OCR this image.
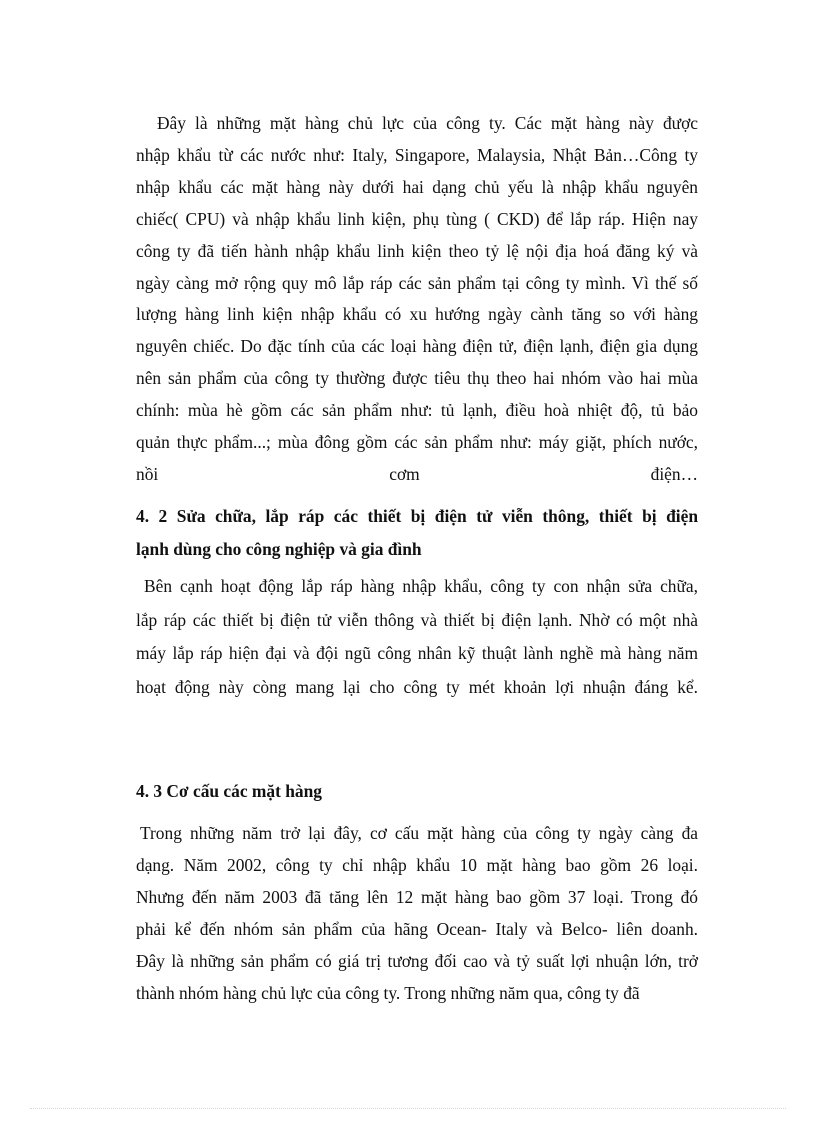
Đây là những mặt hàng chủ lực của công ty. Các mặt hàng này được
nhập khẩu từ các nước như: Italy, Singapore, Malaysia, Nhật Bản…Công ty
nhập khẩu các mặt hàng này dưới hai dạng chủ yếu là nhập khẩu nguyên
chiếc( CPU) và nhập khẩu linh kiện, phụ tùng ( CKD) để lắp ráp. Hiện nay
công ty đã tiến hành nhập khẩu linh kiện theo tỷ lệ nội địa hoá đăng ký và
ngày càng mở rộng quy mô lắp ráp các sản phẩm tại công ty mình. Vì thế số
lượng hàng linh kiện nhập khẩu có xu hướng ngày cành tăng so với hàng
nguyên chiếc. Do đặc tính của các loại hàng điện tử, điện lạnh, điện gia dụng
nên sản phẩm của công ty thường được tiêu thụ theo hai nhóm vào hai mùa
chính: mùa hè gồm các sản phẩm như: tủ lạnh, điều hoà nhiệt độ, tủ bảo
quản thực phẩm...; mùa đông gồm các sản phẩm như: máy giặt, phích nước,
nồi	cơm	điện…

4. 2 Sửa chữa, lắp ráp các thiết bị điện tử viễn thông, thiết bị điện
lạnh dùng cho công nghiệp và gia đình

Bên cạnh hoạt động lắp ráp hàng nhập khẩu, công ty con nhận sửa chữa,
lắp ráp các thiết bị điện tử viễn thông và thiết bị điện lạnh. Nhờ có một nhà
máy lắp ráp hiện đại và đội ngũ công nhân kỹ thuật lành nghề mà hàng năm
hoạt động này còng mang lại cho công ty mét khoản lợi nhuận đáng kể.

4. 3 Cơ cấu các mặt hàng

Trong những năm trở lại đây, cơ cấu mặt hàng của công ty ngày càng đa
dạng. Năm 2002, công ty chỉ nhập khẩu 10 mặt hàng bao gồm 26 loại.
Nhưng đến năm 2003 đã tăng lên 12 mặt hàng bao gồm 37 loại. Trong đó
phải kể đến nhóm sản phẩm của hãng Ocean- Italy và Belco- liên doanh.
Đây là những sản phẩm có giá trị tương đối cao và tỷ suất lợi nhuận lớn, trở
thành nhóm hàng chủ lực của công ty. Trong những năm qua, công ty đã
